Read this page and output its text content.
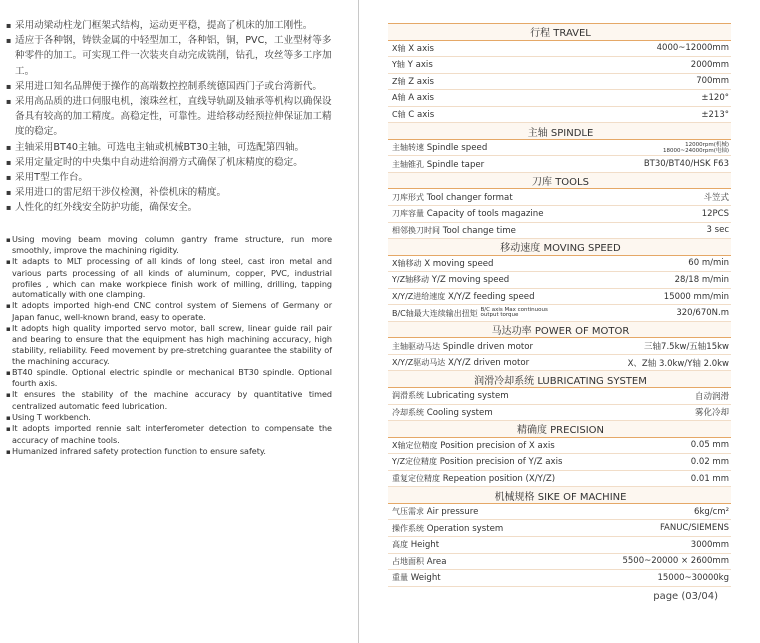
▪ 采用动梁动柱龙门框架式结构，运动更平稳，提高了机床的加工刚性。

▪ 适应于各种钢，铸铁金属的中轻型加工，各种铝，铜，PVC，工业型材等多种零件的加工。可实现工件一次装夹自动完成铣削，钻孔，攻丝等多工序加工。

▪ 采用进口知名品牌便于操作的高端数控控制系统德国西门子或台湾新代。

▪ 采用高品质的进口伺服电机，滚珠丝杠，直线导轨副及轴承等机构以确保设备具有较高的加工精度。高稳定性，可靠性。进给移动经预拉伸保证加工精度的稳定。

▪ 主轴采用BT40主轴。可选电主轴或机械BT30主轴，可选配第四轴。

▪ 采用定量定时的中央集中自动进给润滑方式确保了机床精度的稳定。

▪ 采用T型工作台。

▪ 采用进口的雷尼绍干涉仪检测，补偿机床的精度。

▪ 人性化的红外线安全防护功能，确保安全。

▪ Using moving beam moving column gantry frame structure, run more smoothly, improve the machining rigidity.

▪ It adapts to MLT processing of all kinds of long steel, cast iron metal and various parts processing of all kinds of aluminum, copper, PVC, industrial profiles , which can make workpiece finish work of milling, drilling, tapping automatically with one clamping.

▪ It adopts imported high-end CNC control system of Siemens of Germany or Japan fanuc, well-known brand, easy to operate.

▪ It adopts high quality imported servo motor, ball screw, linear guide rail pair and bearing to ensure that the equipment has high machining accuracy, high stability, reliability. Feed movement by pre-stretching guarantee the stability of the machining accuracy.

▪ BT40 spindle. Optional electric spindle or mechanical BT30 spindle. Optional fourth axis.

▪ It ensures the stability of the machine accuracy by quantitative timed centralized automatic feed lubrication.

▪ Using T workbench.

▪ It adopts imported rennie salt interferometer detection to compensate the accuracy of machine tools.

▪ Humanized infrared safety protection function to ensure safety.

行程 TRAVEL	
X轴 X axis	4000~12000mm
Y轴 Y axis	2000mm
Z轴 Z axis	700mm
A轴 A axis	±120°
C轴 C axis	±213°
主轴 SPINDLE	
主轴转速 Spindle speed	12000rpm(机械)
18000~24000rpm(电轴)
主轴锥孔 Spindle taper	BT30/BT40/HSK F63
刀库 TOOLS	
刀库形式 Tool changer format	斗笠式
刀库容量 Capacity of tools magazine	12PCS
相邻换刀时间 Tool change time	3 sec
移动速度 MOVING SPEED	
X轴移动 X moving speed	60 m/min
Y/Z轴移动 Y/Z moving speed	28/18 m/min
X/Y/Z进给速度 X/Y/Z feeding speed	15000 mm/min
B/C轴最大连续输出扭矩 B/C axis Max continuous
output torque	320/670N.m
马达功率 POWER OF MOTOR	
主轴驱动马达 Spindle driven motor	三轴7.5kw/五轴15kw
X/Y/Z驱动马达 X/Y/Z driven motor	X、Z轴 3.0kw/Y轴 2.0kw
润滑冷却系统 LUBRICATING SYSTEM	
润滑系统 Lubricating system	自动润滑
冷却系统 Cooling system	雾化冷却
精确度 PRECISION	
X轴定位精度 Position precision of X axis	0.05 mm
Y/Z定位精度 Position precision of Y/Z axis	0.02 mm
重复定位精度 Repeation position (X/Y/Z)	0.01 mm
机械规格 SIKE OF MACHINE	
气压需求 Air pressure	6kg/cm²
操作系统 Operation system	FANUC/SIEMENS
高度 Height	3000mm
占地面积 Area	5500~20000 × 2600mm
重量 Weight	15000~30000kg
page (03/04)
